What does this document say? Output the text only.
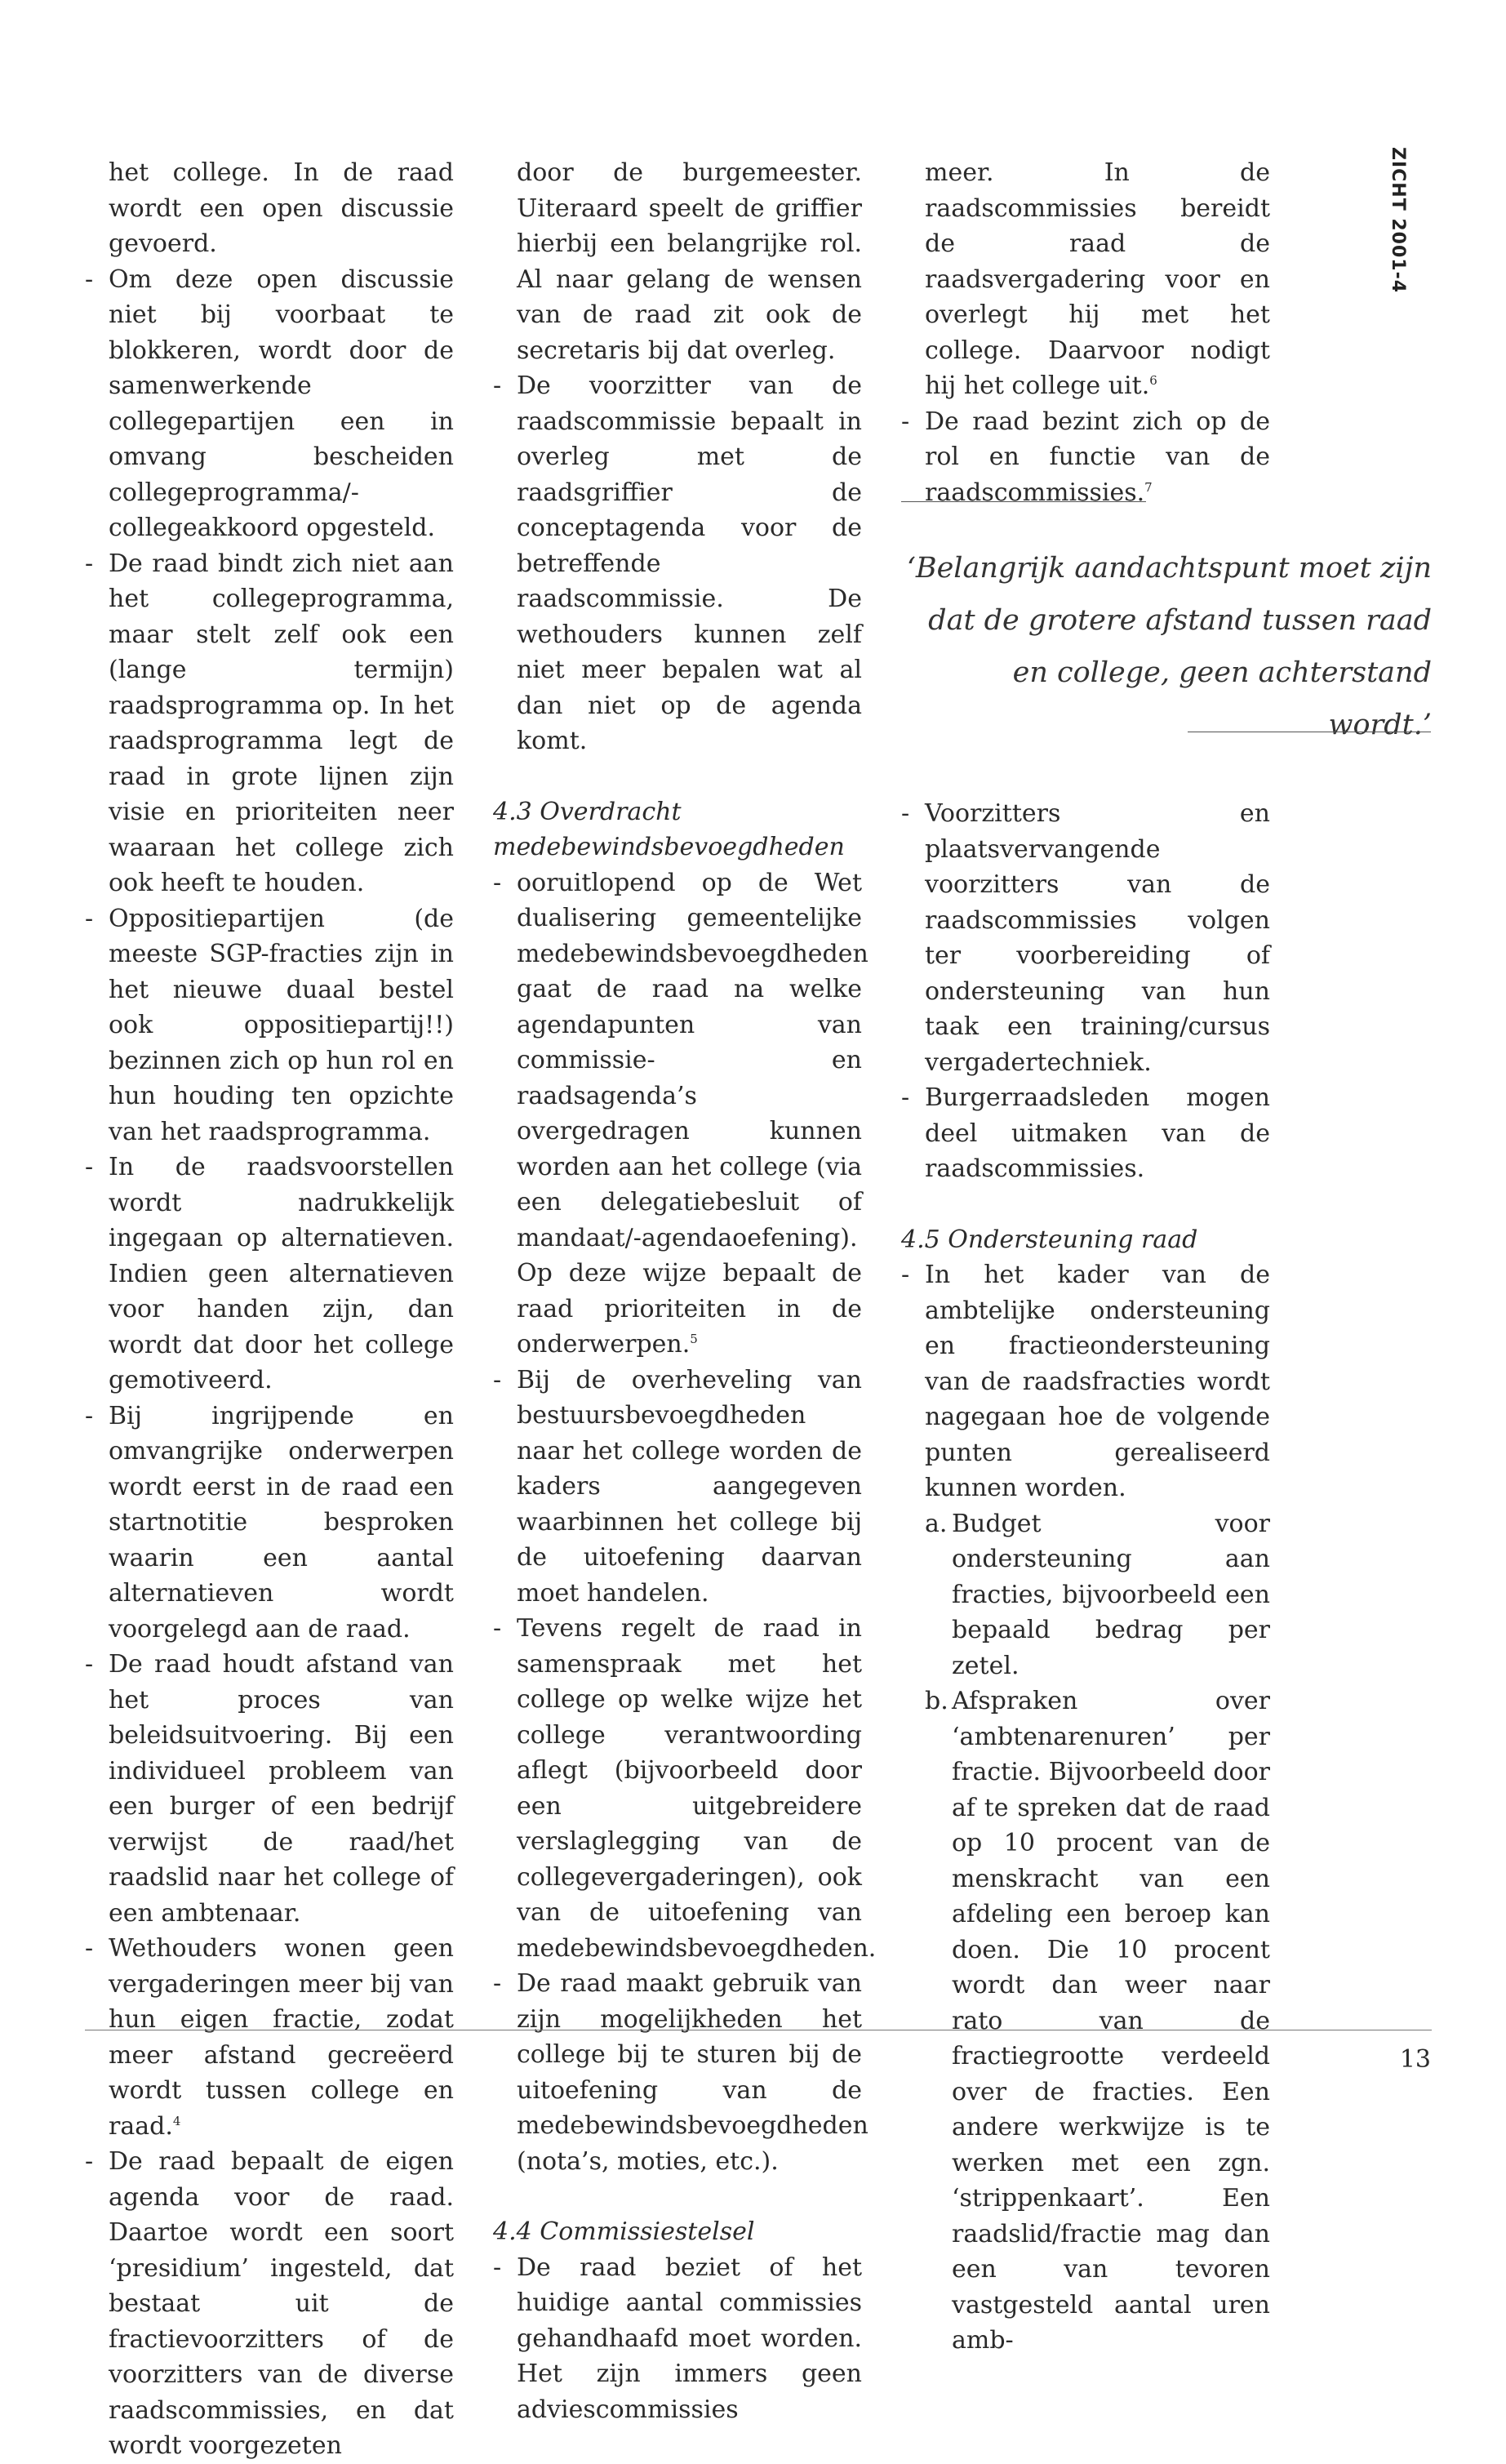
ZICHT 2001-4

het college. In de raad wordt een open discussie gevoerd.

- Om deze open discussie niet bij voorbaat te blokkeren, wordt door de samenwerkende collegepartijen een in omvang bescheiden collegeprogramma/-collegeakkoord opgesteld.
- De raad bindt zich niet aan het collegeprogramma, maar stelt zelf ook een (lange termijn) raadsprogramma op. In het raadsprogramma legt de raad in grote lijnen zijn visie en prioriteiten neer waaraan het college zich ook heeft te houden.
- Oppositiepartijen (de meeste SGP-fracties zijn in het nieuwe duaal bestel ook oppositiepartij!!) bezinnen zich op hun rol en hun houding ten opzichte van het raadsprogramma.
- In de raadsvoorstellen wordt nadrukkelijk ingegaan op alternatieven. Indien geen alternatieven voor handen zijn, dan wordt dat door het college gemotiveerd.
- Bij ingrijpende en omvangrijke onderwerpen wordt eerst in de raad een startnotitie besproken waarin een aantal alternatieven wordt voorgelegd aan de raad.
- De raad houdt afstand van het proces van beleidsuitvoering. Bij een individueel probleem van een burger of een bedrijf verwijst de raad/het raadslid naar het college of een ambtenaar.
- Wethouders wonen geen vergaderingen meer bij van hun eigen fractie, zodat meer afstand gecreëerd wordt tussen college en raad.$^4$
- De raad bepaalt de eigen agenda voor de raad. Daartoe wordt een soort ‘presidium’ ingesteld, dat bestaat uit de fractievoorzitters of de voorzitters van de diverse raadscommissies, en dat wordt voorgezeten

door de burgemeester. Uiteraard speelt de griffier hierbij een belangrijke rol. Al naar gelang de wensen van de raad zit ook de secretaris bij dat overleg.

- De voorzitter van de raadscommissie bepaalt in overleg met de raadsgriffier de conceptagenda voor de betreffende raadscommissie. De wethouders kunnen zelf niet meer bepalen wat al dan niet op de agenda komt.

4.3 Overdracht medebewindsbevoegdheden

- ooruitlopend op de Wet dualisering gemeentelijke medebewindsbevoegdheden gaat de raad na welke agendapunten van commissie- en raadsagenda’s overgedragen kunnen worden aan het college (via een delegatiebesluit of mandaat/-agendaoefening). Op deze wijze bepaalt de raad prioriteiten in de onderwerpen.$^5$
- Bij de overheveling van bestuursbevoegdheden naar het college worden de kaders aangegeven waarbinnen het college bij de uitoefening daarvan moet handelen.
- Tevens regelt de raad in samenspraak met het college op welke wijze het college verantwoording aflegt (bijvoorbeeld door een uitgebreidere verslaglegging van de collegevergaderingen), ook van de uitoefening van medebewindsbevoegdheden.
- De raad maakt gebruik van zijn mogelijkheden het college bij te sturen bij de uitoefening van de medebewindsbevoegdheden (nota’s, moties, etc.).

4.4 Commissiestelsel

- De raad beziet of het huidige aantal commissies gehandhaafd moet worden. Het zijn immers geen adviescommissies

meer. In de raadscommissies bereidt de raad de raadsvergadering voor en overlegt hij met het college. Daarvoor nodigt hij het college uit.$^6$

- De raad bezint zich op de rol en functie van de raadscommissies.$^7$

‘Belangrijk aandachtspunt moet zijn dat de grotere afstand tussen raad en college, geen achterstand wordt.’

- Voorzitters en plaatsvervangende voorzitters van de raadscommissies volgen ter voorbereiding of ondersteuning van hun taak een training/cursus vergadertechniek.
- Burgerraadsleden mogen deel uitmaken van de raadscommissies.

4.5 Ondersteuning raad

- In het kader van de ambtelijke ondersteuning en fractieondersteuning van de raadsfracties wordt nagegaan hoe de volgende punten gerealiseerd kunnen worden.
a. Budget voor ondersteuning aan fracties, bijvoorbeeld een bepaald bedrag per zetel.
b. Afspraken over ‘ambtenarenuren’ per fractie. Bijvoorbeeld door af te spreken dat de raad op 10 procent van de menskracht van een afdeling een beroep kan doen. Die 10 procent wordt dan weer naar rato van de fractiegrootte verdeeld over de fracties. Een andere werkwijze is te werken met een zgn. ‘strippenkaart’. Een raadslid/fractie mag dan een van tevoren vastgesteld aantal uren amb-
13
